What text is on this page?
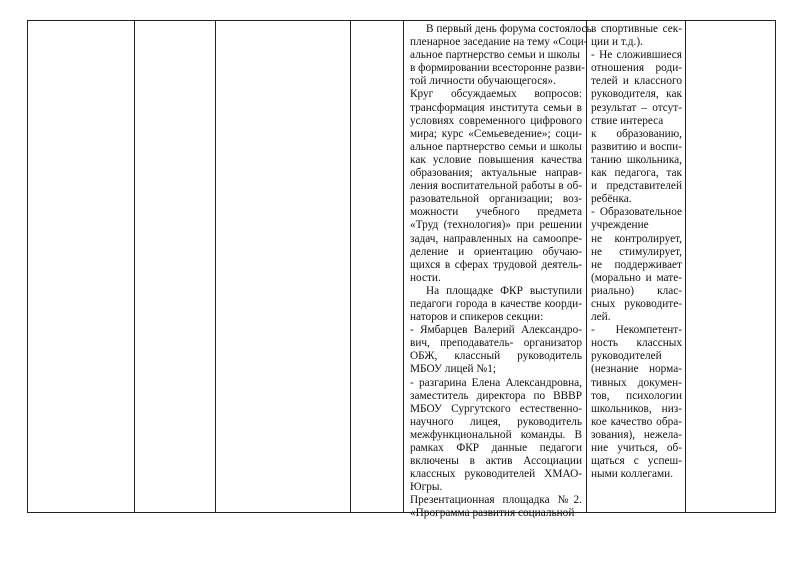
В первый день форума состоялось
пленарное заседание на тему «Соци-
альное партнерство семьи и школы
в формировании всесторонне разви-
той личности обучающегося».
Круг обсуждаемых вопросов:
трансформация института семьи в
условиях современного цифрового
мира; курс «Семьеведение»; соци-
альное партнерство семьи и школы
как условие повышения качества
образования; актуальные направ-
ления воспитательной работы в об-
разовательной организации; воз-
можности учебного предмета
«Труд (технология)» при решении
задач, направленных на самоопре-
деление и ориентацию обучаю-
щихся в сферах трудовой деятель-
ности.
На площадке ФКР выступили
педагоги города в качестве коорди-
наторов и спикеров секции:
- Ямбарцев Валерий Александро-
вич, преподаватель- организатор
ОБЖ, классный руководитель
МБОУ лицей №1;
- разгарина Елена Александровна,
заместитель директора по ВВВР
МБОУ Сургутского естественно-
научного лицея, руководитель
межфункциональной команды. В
рамках ФКР данные педагоги
включены в актив Ассоциации
классных руководителей ХМАО-
Югры.
Презентационная площадка №2.
«Программа развития социальной
в спортивные сек-
ции и т.д.).
- Не сложившиеся
отношения роди-
телей и классного
руководителя, как
результат – отсут-
ствие интереса
к образованию,
развитию и воспи-
танию школьника,
как педагога, так
и представителей
ребёнка.
- Образовательное
учреждение
не контролирует,
не стимулирует,
не поддерживает
(морально и мате-
риально) клас-
сных руководите-
лей.
- Некомпетент-
ность классных
руководителей
(незнание норма-
тивных докумен-
тов, психологии
школьников, низ-
кое качество обра-
зования), нежела-
ние учиться, об-
щаться с успеш-
ными коллегами.
